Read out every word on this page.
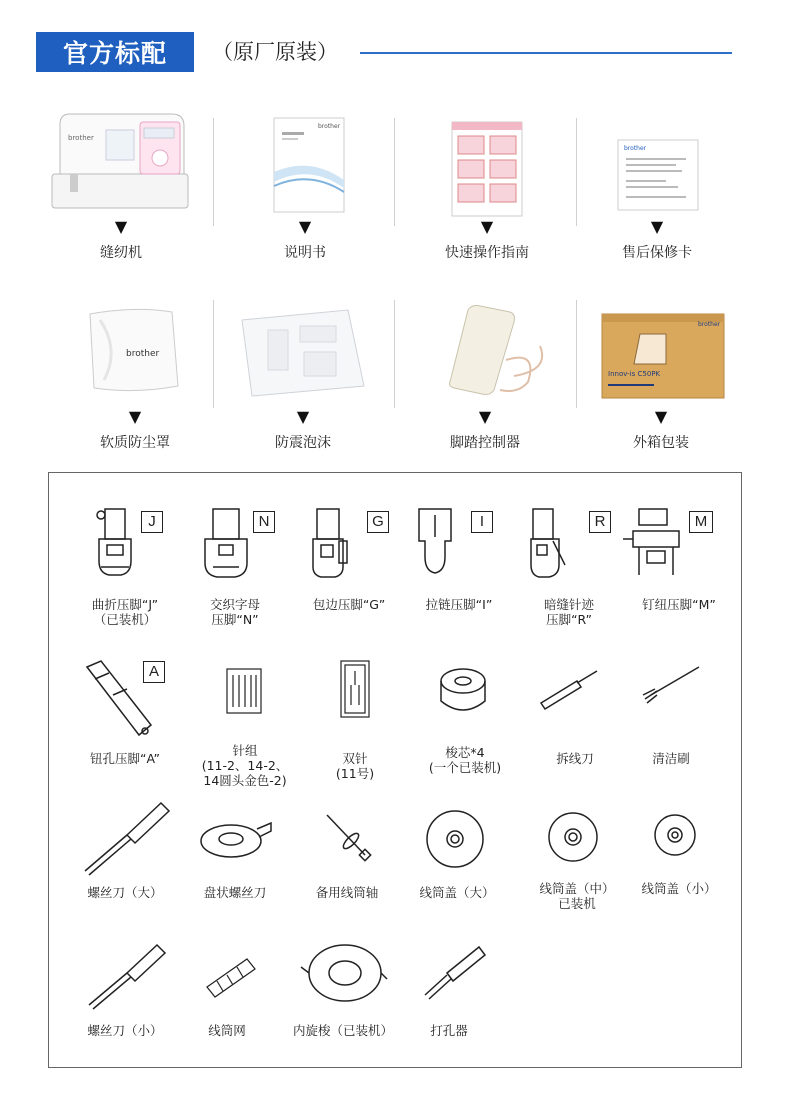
官方标配	（原厂原装）
brother
▼
缝纫机
brother
▼
说明书
▼
快速操作指南
brother
▼
售后保修卡
brother
▼
软质防尘罩
▼
防震泡沫
▼
脚踏控制器
brother
Innov-is C50PK
▼
外箱包装
J
曲折压脚“J”
（已装机）
N
交织字母
压脚“N”
G
包边压脚“G”
I
拉链压脚“I”
R
暗缝针迹
压脚“R”
M
钉纽压脚“M”
A
钮孔压脚“A”
针组
(11-2、14-2、
14圆头金色-2)
双针
(11号)
梭芯*4
(一个已装机)
拆线刀	清洁刷
螺丝刀（大）	盘状螺丝刀	备用线筒轴	线筒盖（大）	线筒盖（中）
已装机
线筒盖（小）
螺丝刀（小）	线筒网	内旋梭（已装机）	打孔器
